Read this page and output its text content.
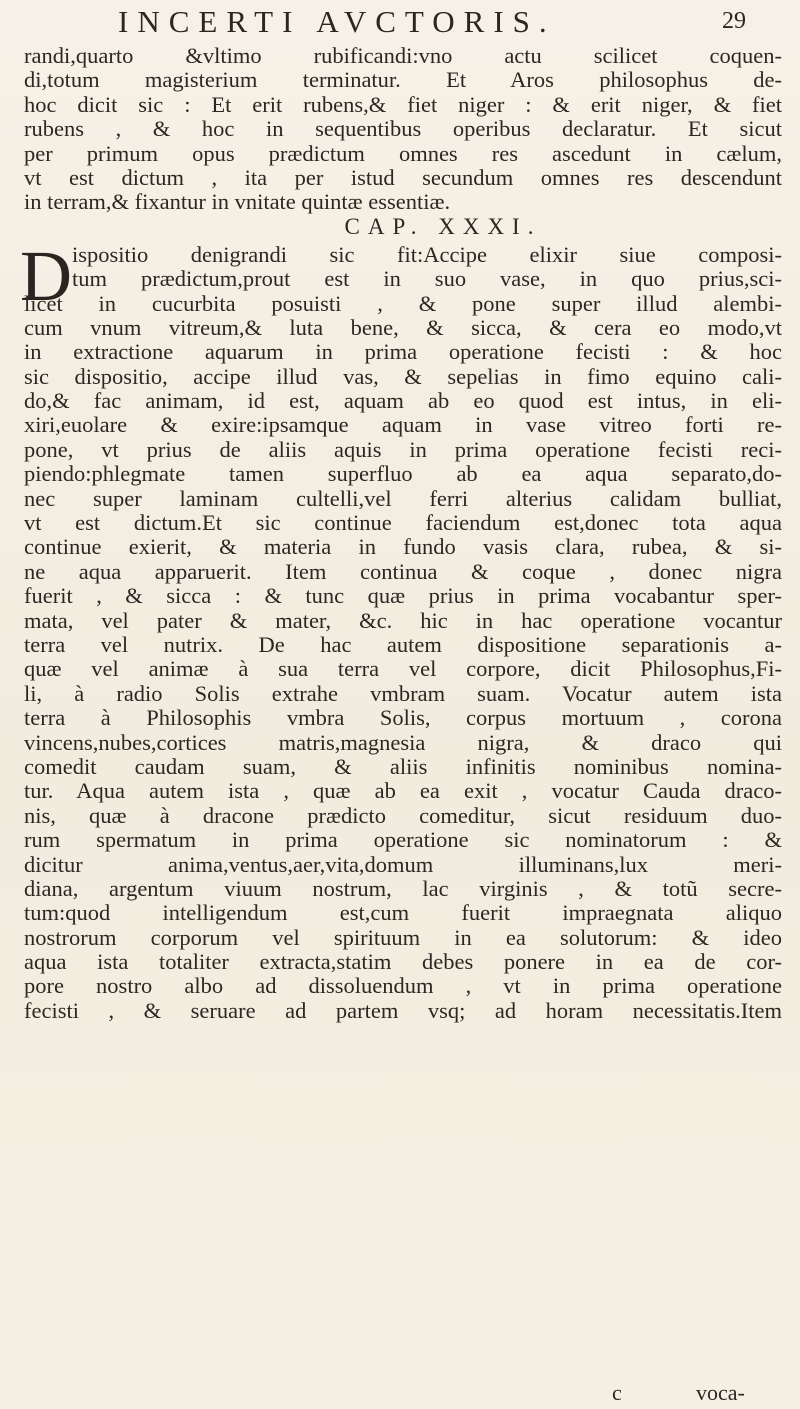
INCERTI AVCTORIS.	29
randi,quarto &vltimo rubificandi:vno actu scilicet coquen-
di,totum magisterium terminatur. Et Aros philosophus de-
hoc dicit sic : Et erit rubens,& fiet niger : & erit niger, & fiet
rubens , & hoc in sequentibus operibus declaratur. Et sicut
per primum opus prædictum omnes res ascedunt in cælum,
vt est dictum , ita per istud secundum omnes res descendunt
in terram,& fixantur in vnitate quintæ essentiæ.
CAP. XXXI.
D ispositio denigrandi sic fit:Accipe elixir siue composi-
tum prædictum,prout est in suo vase, in quo prius,sci-
licet in cucurbita posuisti , & pone super illud alembi-
cum vnum vitreum,& luta bene, & sicca, & cera eo modo,vt
in extractione aquarum in prima operatione fecisti : & hoc
sic dispositio, accipe illud vas, & sepelias in fimo equino cali-
do,& fac animam, id est, aquam ab eo quod est intus, in eli-
xiri,euolare & exire:ipsamque aquam in vase vitreo forti re-
pone, vt prius de aliis aquis in prima operatione fecisti reci-
piendo:phlegmate tamen superfluo ab ea aqua separato,do-
nec super laminam cultelli,vel ferri alterius calidam bulliat,
vt est dictum.Et sic continue faciendum est,donec tota aqua
continue exierit, & materia in fundo vasis clara, rubea, & si-
ne aqua apparuerit. Item continua & coque , donec nigra
fuerit , & sicca : & tunc quæ prius in prima vocabantur sper-
mata, vel pater & mater, &c. hic in hac operatione vocantur
terra vel nutrix. De hac autem dispositione separationis a-
quæ vel animæ à sua terra vel corpore, dicit Philosophus,Fi-
li, à radio Solis extrahe vmbram suam. Vocatur autem ista
terra à Philosophis vmbra Solis, corpus mortuum , corona
vincens,nubes,cortices matris,magnesia nigra, & draco qui
comedit caudam suam, & aliis infinitis nominibus nomina-
tur. Aqua autem ista , quæ ab ea exit , vocatur Cauda draco-
nis, quæ à dracone prædicto comeditur, sicut residuum duo-
rum spermatum in prima operatione sic nominatorum : &
dicitur anima,ventus,aer,vita,domum illuminans,lux meri-
diana, argentum viuum nostrum, lac virginis , & totũ secre-
tum:quod intelligendum est,cum fuerit impraegnata aliquo
nostrorum corporum vel spirituum in ea solutorum: & ideo
aqua ista totaliter extracta,statim debes ponere in ea de cor-
pore nostro albo ad dissoluendum , vt in prima operatione
fecisti , & seruare ad partem vsq; ad horam necessitatis.Item
c	voca-
